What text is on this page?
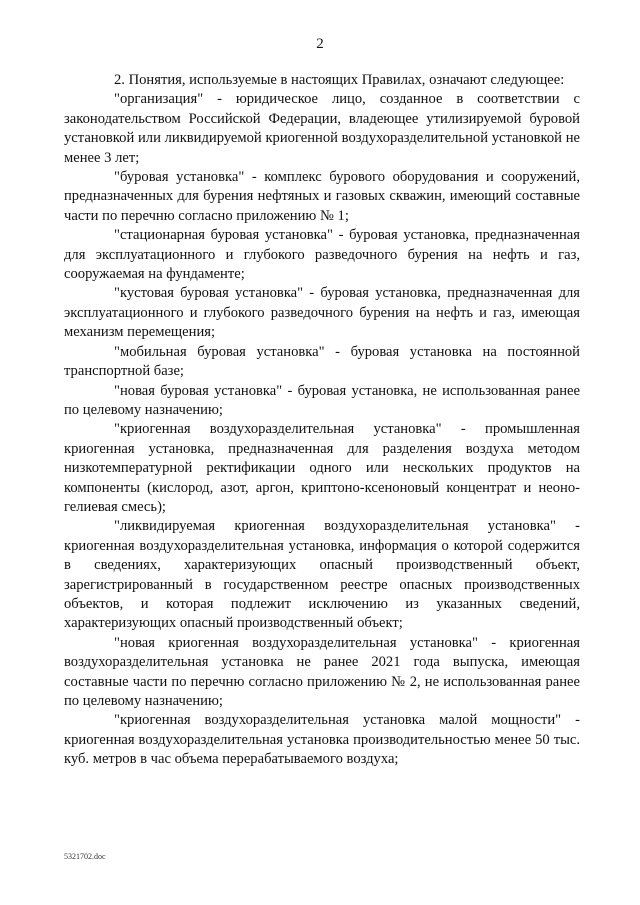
2

2. Понятия, используемые в настоящих Правилах, означают следующее:

"организация" - юридическое лицо, созданное в соответствии с законодательством Российской Федерации, владеющее утилизируемой буровой установкой или ликвидируемой криогенной воздухоразделительной установкой не менее 3 лет;

"буровая установка" - комплекс бурового оборудования и сооружений, предназначенных для бурения нефтяных и газовых скважин, имеющий составные части по перечню согласно приложению № 1;

"стационарная буровая установка" - буровая установка, предназначенная для эксплуатационного и глубокого разведочного бурения на нефть и газ, сооружаемая на фундаменте;

"кустовая буровая установка" - буровая установка, предназначенная для эксплуатационного и глубокого разведочного бурения на нефть и газ, имеющая механизм перемещения;

"мобильная буровая установка" - буровая установка на постоянной транспортной базе;

"новая буровая установка" - буровая установка, не использованная ранее по целевому назначению;

"криогенная воздухоразделительная установка" - промышленная криогенная установка, предназначенная для разделения воздуха методом низкотемпературной ректификации одного или нескольких продуктов на компоненты (кислород, азот, аргон, криптоно-ксеноновый концентрат и неоно-гелиевая смесь);

"ликвидируемая криогенная воздухоразделительная установка" - криогенная воздухоразделительная установка, информация о которой содержится в сведениях, характеризующих опасный производственный объект, зарегистрированный в государственном реестре опасных производственных объектов, и которая подлежит исключению из указанных сведений, характеризующих опасный производственный объект;

"новая криогенная воздухоразделительная установка" - криогенная воздухоразделительная установка не ранее 2021 года выпуска, имеющая составные части по перечню согласно приложению № 2, не использованная ранее по целевому назначению;

"криогенная воздухоразделительная установка малой мощности" - криогенная воздухоразделительная установка производительностью менее 50 тыс. куб. метров в час объема перерабатываемого воздуха;

5321702.doc
